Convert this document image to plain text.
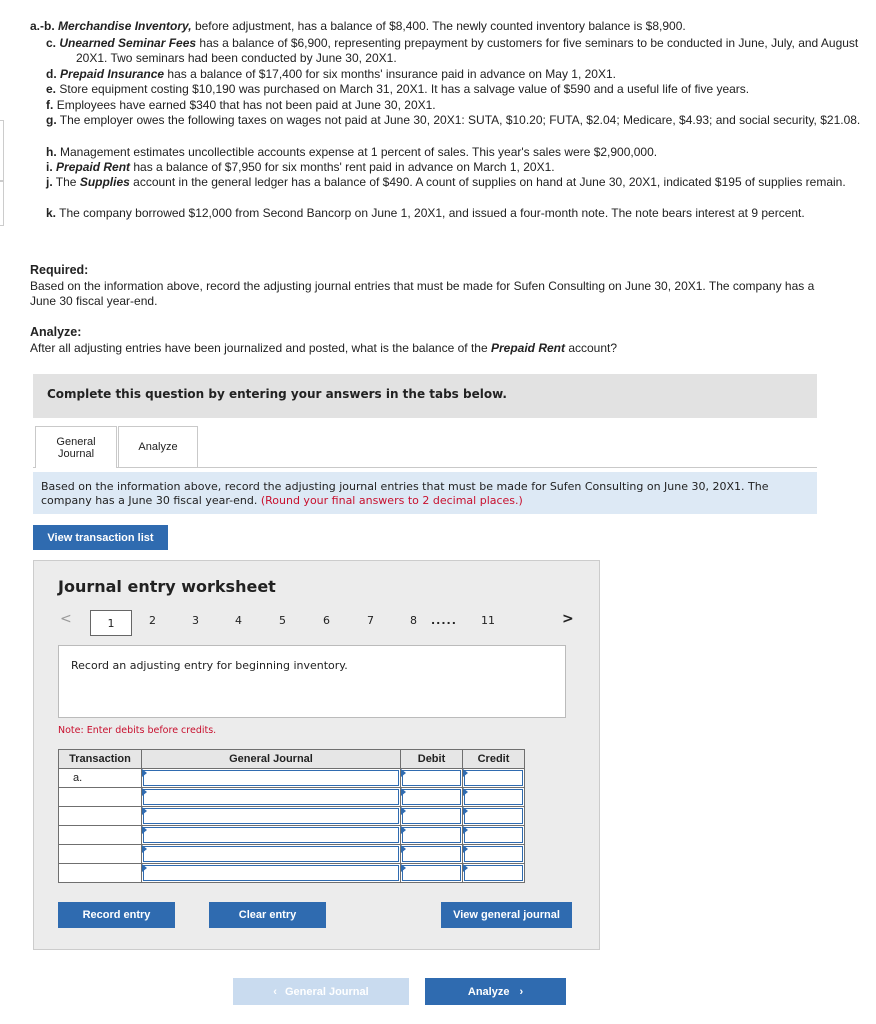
a.-b. Merchandise Inventory, before adjustment, has a balance of $8,400. The newly counted inventory balance is $8,900.
c. Unearned Seminar Fees has a balance of $6,900, representing prepayment by customers for five seminars to be conducted in June, July, and August 20X1. Two seminars had been conducted by June 30, 20X1.
d. Prepaid Insurance has a balance of $17,400 for six months' insurance paid in advance on May 1, 20X1.
e. Store equipment costing $10,190 was purchased on March 31, 20X1. It has a salvage value of $590 and a useful life of five years.
f. Employees have earned $340 that has not been paid at June 30, 20X1.
g. The employer owes the following taxes on wages not paid at June 30, 20X1: SUTA, $10.20; FUTA, $2.04; Medicare, $4.93; and social security, $21.08.
h. Management estimates uncollectible accounts expense at 1 percent of sales. This year's sales were $2,900,000.
i. Prepaid Rent has a balance of $7,950 for six months' rent paid in advance on March 1, 20X1.
j. The Supplies account in the general ledger has a balance of $490. A count of supplies on hand at June 30, 20X1, indicated $195 of supplies remain.
k. The company borrowed $12,000 from Second Bancorp on June 1, 20X1, and issued a four-month note. The note bears interest at 9 percent.
Required:
Based on the information above, record the adjusting journal entries that must be made for Sufen Consulting on June 30, 20X1. The company has a June 30 fiscal year-end.
Analyze:
After all adjusting entries have been journalized and posted, what is the balance of the Prepaid Rent account?
Complete this question by entering your answers in the tabs below.
General
Journal
Analyze

Based on the information above, record the adjusting journal entries that must be made for Sufen Consulting on June 30, 20X1. The company has a June 30 fiscal year-end. (Round your final answers to 2 decimal places.)

View transaction list
Journal entry worksheet
<	1	2	3	4	5	6	7	8 ..... 11	>
Record an adjusting entry for beginning inventory.
Note: Enter debits before credits.
Transaction	General Journal	Debit	Credit
a.	

Record entry	Clear entry	View general journal
‹ General Journal	Analyze ›
